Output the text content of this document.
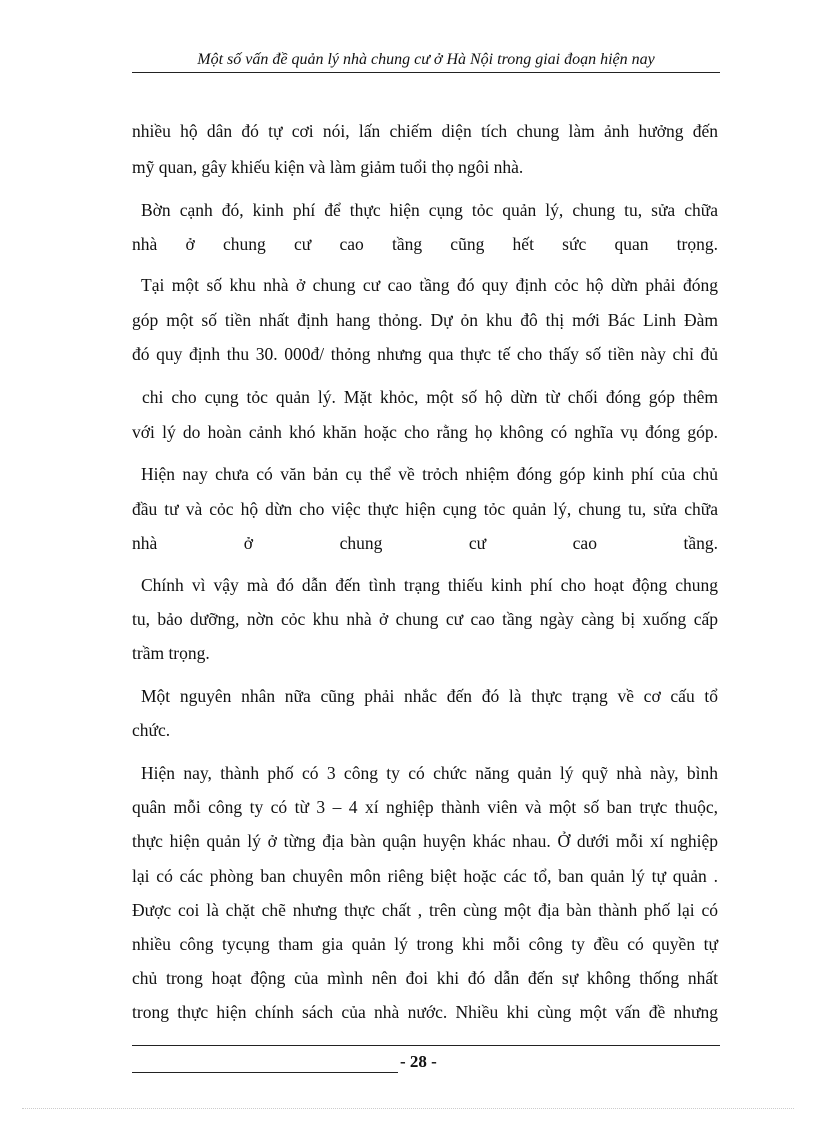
Một số vấn đề quản lý nhà chung cư ở Hà Nội trong giai đoạn hiện nay
nhiều hộ dân đó tự cơi nói, lấn chiếm diện tích chung làm ảnh hưởng đến
mỹ quan, gây khiếu kiện và làm giảm tuổi thọ ngôi nhà.
Bờn cạnh đó, kinh phí để thực hiện cụng tỏc quản lý, chung tu, sửa chữa
nhà ở chung cư cao tầng cũng hết sức quan trọng.
Tại một số khu nhà ở chung cư cao tầng đó quy định cỏc hộ dừn phải đóng
góp một số tiền nhất định hang thỏng. Dự ỏn khu đô thị mới Bác Linh Đàm
đó quy định thu 30. 000đ/ thỏng nhưng qua thực tế cho thấy số tiền này chỉ đủ
chi cho cụng tỏc quản lý. Mặt khỏc, một số hộ dừn từ chối đóng góp thêm
với lý do hoàn cảnh khó khăn hoặc cho rằng họ không có nghĩa vụ đóng góp.
Hiện nay chưa có văn bản cụ thể về trỏch nhiệm đóng góp kinh phí của chủ
đầu tư và cỏc hộ dừn cho việc thực hiện cụng tỏc quản lý, chung tu, sửa chữa
nhà ở chung cư cao tầng.
Chính vì vậy mà đó dẫn đến tình trạng thiếu kinh phí cho hoạt động chung
tu, bảo dưỡng, nờn cỏc khu nhà ở chung cư cao tầng ngày càng bị xuống cấp
trầm trọng.
Một nguyên nhân nữa cũng phải nhắc đến đó là thực trạng về cơ cấu tổ
chức.
Hiện nay, thành phố có 3 công ty có chức năng quản lý quỹ nhà này, bình
quân mỗi công ty có từ 3 – 4 xí nghiệp thành viên và một số ban trực thuộc,
thực hiện quản lý ở từng địa bàn quận huyện khác nhau. Ở dưới mỗi xí nghiệp
lại có các phòng ban chuyên môn riêng biệt hoặc các tổ, ban quản lý tự quản .
Được coi là chặt chẽ nhưng thực chất , trên cùng một địa bàn thành phố lại có
nhiều công tycụng tham gia quản lý trong khi mỗi công ty đều có quyền tự
chủ trong hoạt động của mình nên đoi khi đó dẫn đến sự không thống nhất
trong thực hiện chính sách của nhà nước. Nhiều khi cùng một vấn đề nhưng
- 28 -
